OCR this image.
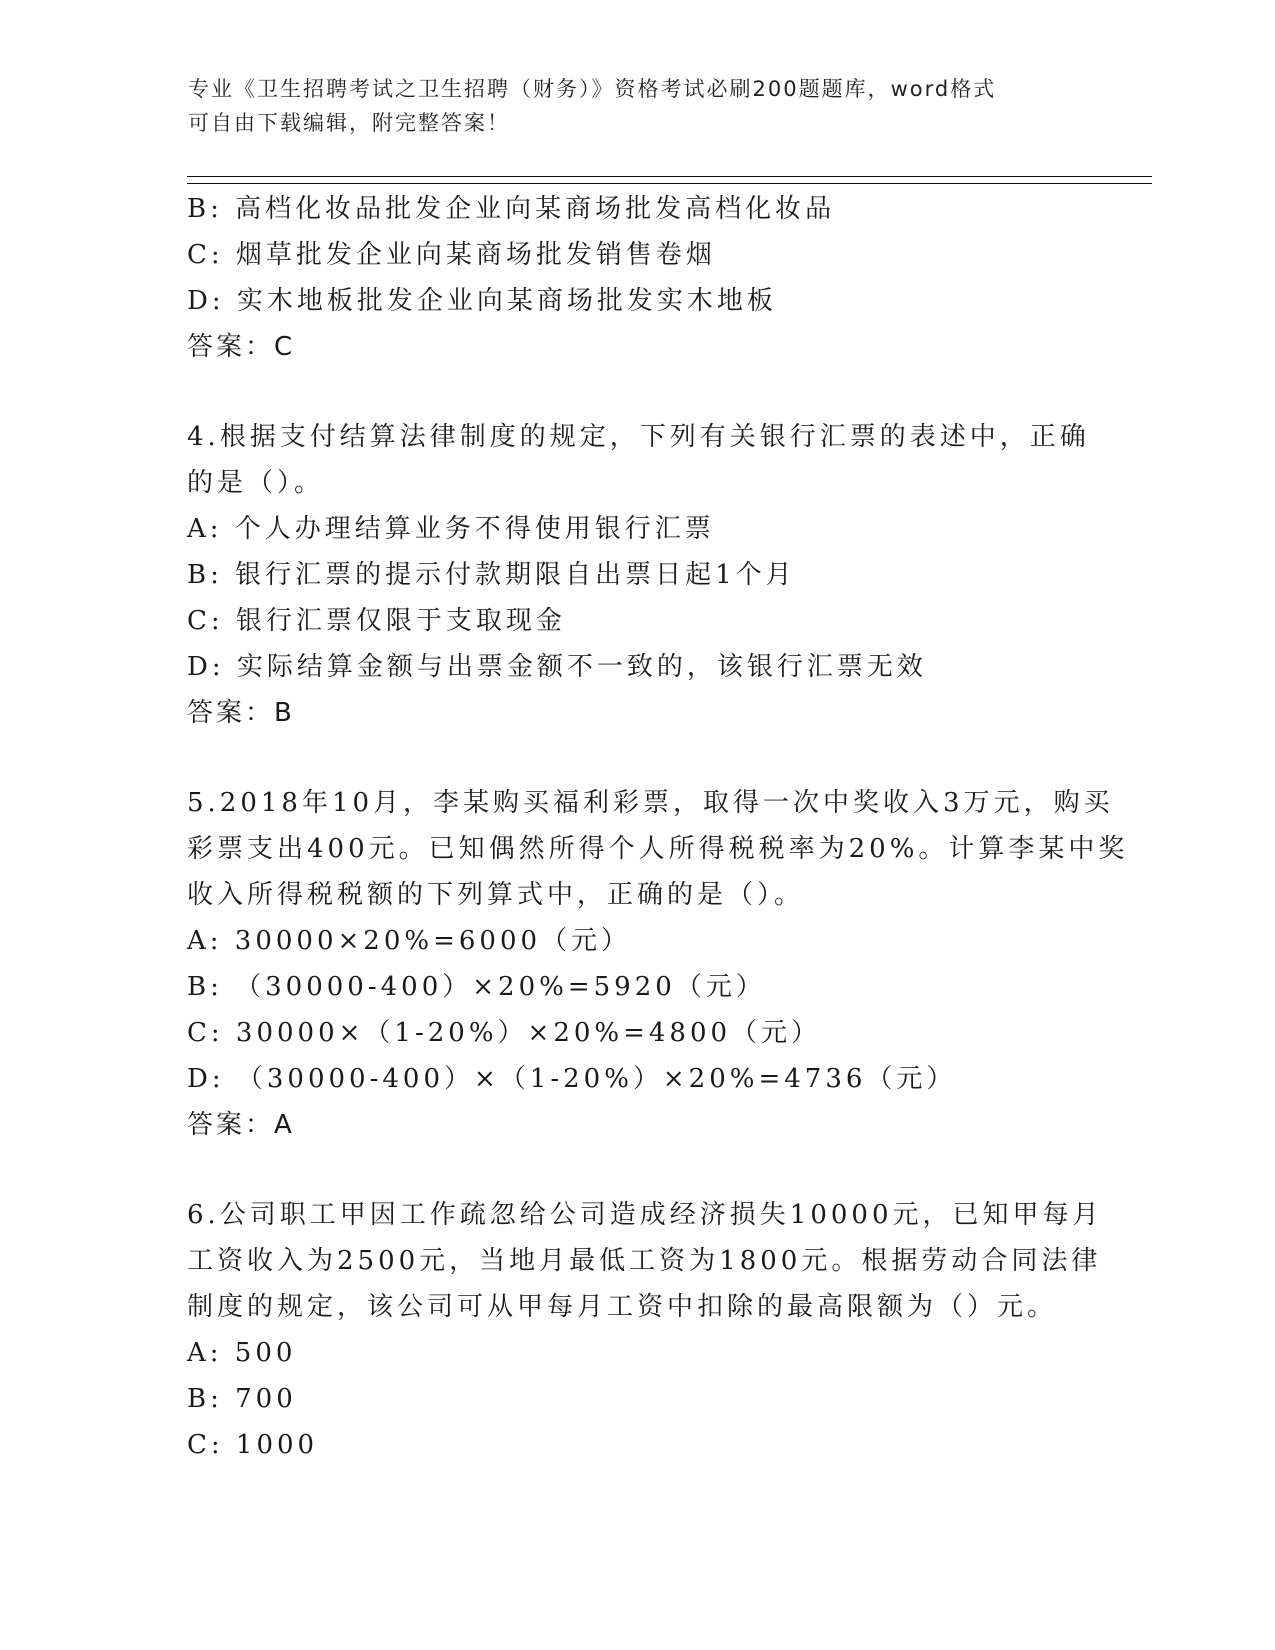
专业《卫生招聘考试之卫生招聘（财务）》资格考试必刷200题题库，word格式
可自由下载编辑，附完整答案！
B: 高档化妆品批发企业向某商场批发高档化妆品
C: 烟草批发企业向某商场批发销售卷烟
D: 实木地板批发企业向某商场批发实木地板
答案：C
4.根据支付结算法律制度的规定，下列有关银行汇票的表述中，正确
的是（）。
A: 个人办理结算业务不得使用银行汇票
B: 银行汇票的提示付款期限自出票日起1个月
C: 银行汇票仅限于支取现金
D: 实际结算金额与出票金额不一致的，该银行汇票无效
答案：B
5.2018年10月，李某购买福利彩票，取得一次中奖收入3万元，购买
彩票支出400元。已知偶然所得个人所得税税率为20%。计算李某中奖
收入所得税税额的下列算式中，正确的是（）。
A: 30000×20%=6000（元）
B: （30000-400）×20%=5920（元）
C: 30000×（1-20%）×20%=4800（元）
D: （30000-400）×（1-20%）×20%=4736（元）
答案：A
6.公司职工甲因工作疏忽给公司造成经济损失10000元，已知甲每月
工资收入为2500元，当地月最低工资为1800元。根据劳动合同法律
制度的规定，该公司可从甲每月工资中扣除的最高限额为（）元。
A: 500
B: 700
C: 1000
